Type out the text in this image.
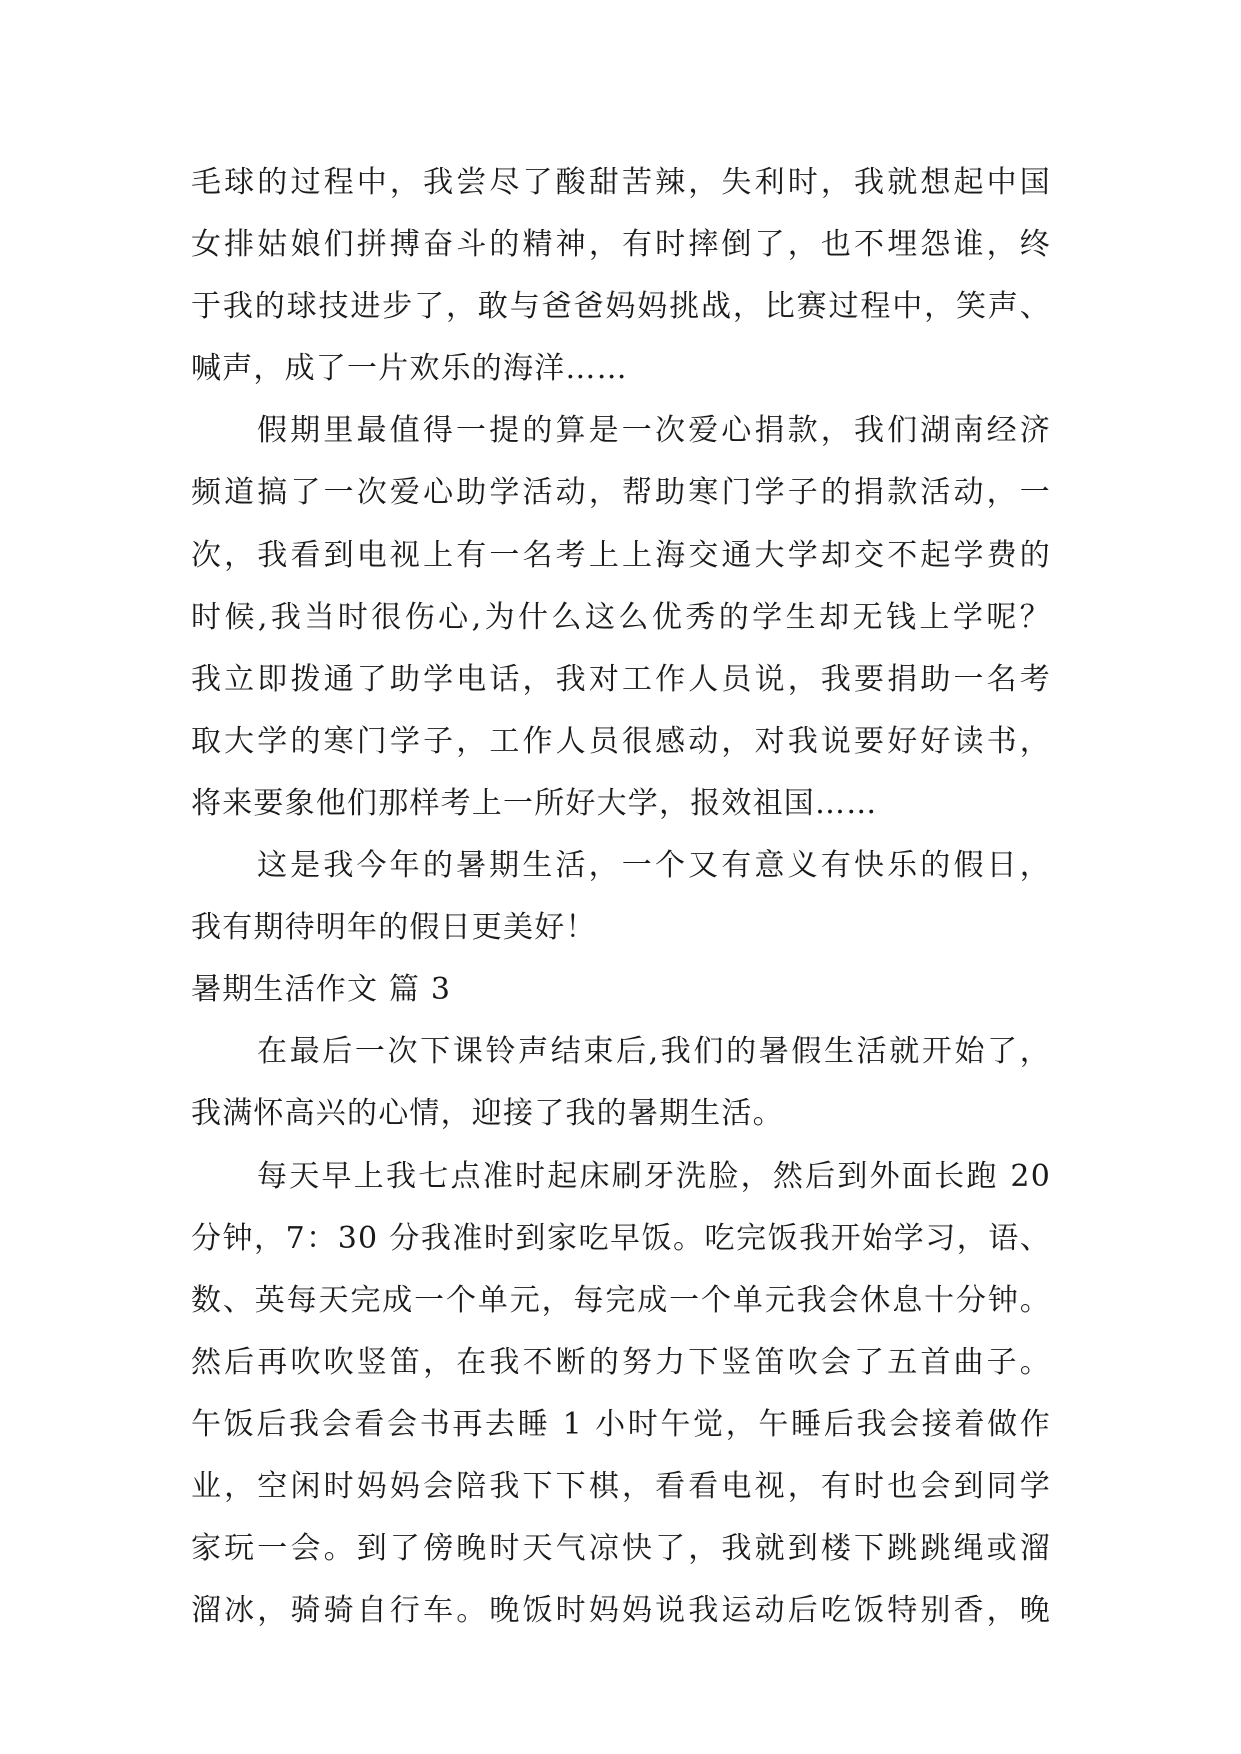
毛球的过程中，我尝尽了酸甜苦辣，失利时，我就想起中国
女排姑娘们拼搏奋斗的精神，有时摔倒了，也不埋怨谁，终
于我的球技进步了，敢与爸爸妈妈挑战，比赛过程中，笑声、
喊声，成了一片欢乐的海洋……
假期里最值得一提的算是一次爱心捐款，我们湖南经济
频道搞了一次爱心助学活动，帮助寒门学子的捐款活动，一
次，我看到电视上有一名考上上海交通大学却交不起学费的
时候,我当时很伤心,为什么这么优秀的学生却无钱上学呢？
我立即拨通了助学电话，我对工作人员说，我要捐助一名考
取大学的寒门学子，工作人员很感动，对我说要好好读书，
将来要象他们那样考上一所好大学，报效祖国……
这是我今年的暑期生活，一个又有意义有快乐的假日，
我有期待明年的假日更美好！
暑期生活作文 篇 3
在最后一次下课铃声结束后,我们的暑假生活就开始了，
我满怀高兴的心情，迎接了我的暑期生活。
每天早上我七点准时起床刷牙洗脸，然后到外面长跑 20
分钟，7：30 分我准时到家吃早饭。吃完饭我开始学习，语、
数、英每天完成一个单元，每完成一个单元我会休息十分钟。
然后再吹吹竖笛，在我不断的努力下竖笛吹会了五首曲子。
午饭后我会看会书再去睡 1 小时午觉，午睡后我会接着做作
业，空闲时妈妈会陪我下下棋，看看电视，有时也会到同学
家玩一会。到了傍晚时天气凉快了，我就到楼下跳跳绳或溜
溜冰，骑骑自行车。晚饭时妈妈说我运动后吃饭特别香，晚
